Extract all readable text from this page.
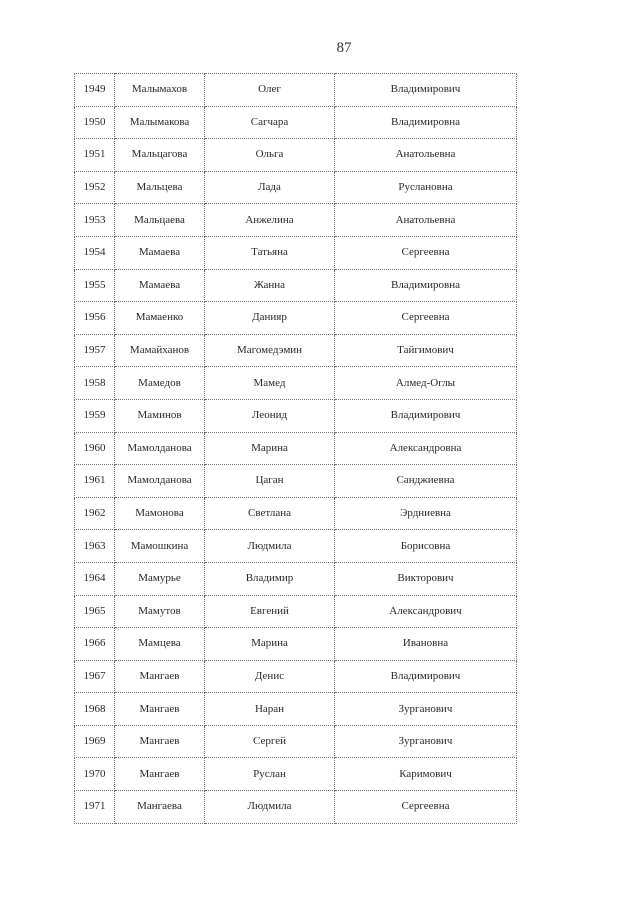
87
1949	Малымахов	Олег	Владимирович
1950	Малымакова	Сагчара	Владимировна
1951	Мальцагова	Ольга	Анатольевна
1952	Мальцева	Лада	Руслановна
1953	Мальцаева	Анжелина	Анатольевна
1954	Мамаева	Татьяна	Сергеевна
1955	Мамаева	Жанна	Владимировна
1956	Мамаенко	Данияр	Сергеевна
1957	Мамайханов	Магомедэмин	Тайгимович
1958	Мамедов	Мамед	Алмед-Оглы
1959	Маминов	Леонид	Владимирович
1960	Мамолданова	Марина	Александровна
1961	Мамолданова	Цаган	Санджиевна
1962	Мамонова	Светлана	Эрдниевна
1963	Мамошкина	Людмила	Борисовна
1964	Мамурье	Владимир	Викторович
1965	Мамутов	Евгений	Александрович
1966	Мамцева	Марина	Ивановна
1967	Мангаев	Денис	Владимирович
1968	Мангаев	Наран	Зурганович
1969	Мангаев	Сергей	Зурганович
1970	Мангаев	Руслан	Каримович
1971	Мангаева	Людмила	Сергеевна
